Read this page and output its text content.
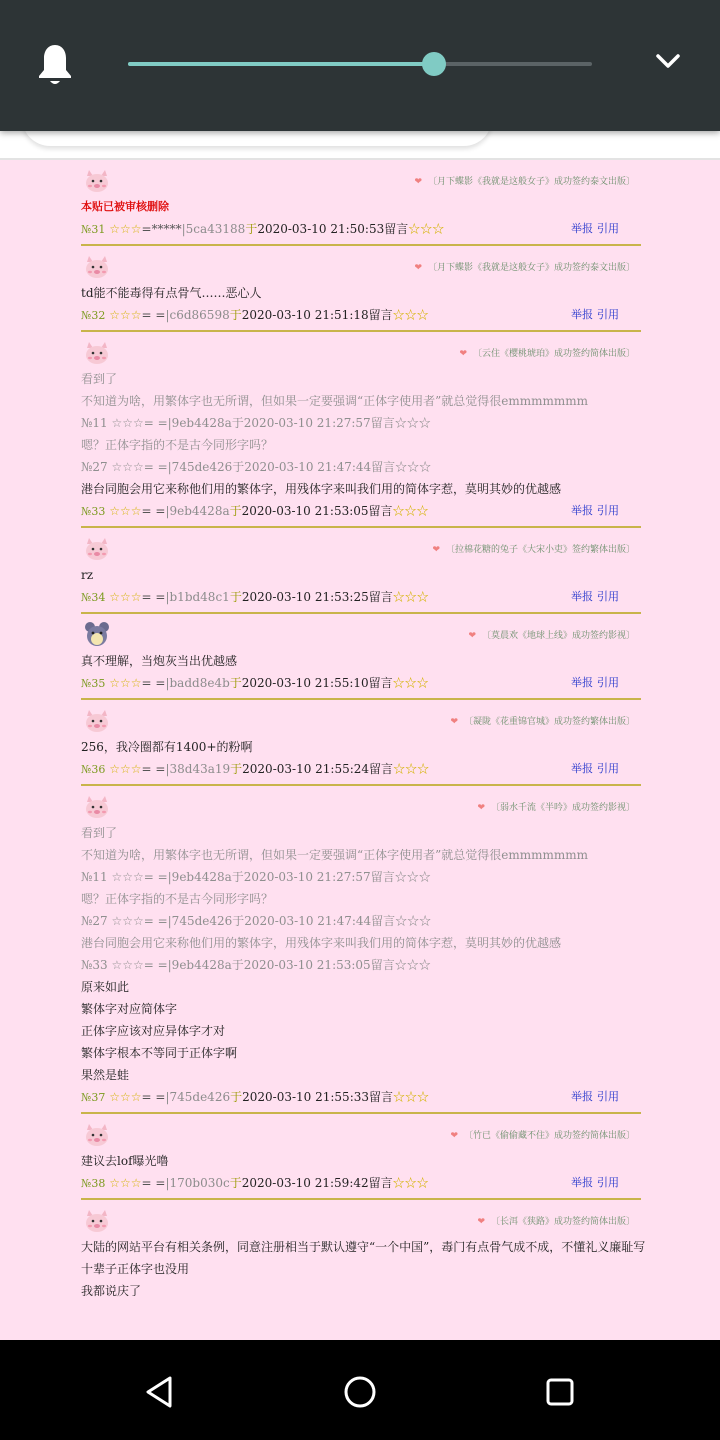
❤ 〔月下蝶影《我就是这般女子》成功签约泰文出版〕
本贴已被审核删除
№31 ☆☆☆=*****|5ca43188于2020-03-10 21:50:53留言☆☆☆	举报 引用
❤ 〔月下蝶影《我就是这般女子》成功签约泰文出版〕
td能不能毒得有点骨气……恶心人
№32 ☆☆☆= =|c6d86598于2020-03-10 21:51:18留言☆☆☆	举报 引用
❤ 〔云住《樱桃琥珀》成功签约简体出版〕
看到了
不知道为啥，用繁体字也无所谓，但如果一定要强调“正体字使用者”就总觉得很emmmmmmm
№11 ☆☆☆= =|9eb4428a于2020-03-10 21:27:57留言☆☆☆
嗯？正体字指的不是古今同形字吗？
№27 ☆☆☆= =|745de426于2020-03-10 21:47:44留言☆☆☆
港台同胞会用它来称他们用的繁体字，用残体字来叫我们用的简体字惹，莫明其妙的优越感
№33 ☆☆☆= =|9eb4428a于2020-03-10 21:53:05留言☆☆☆	举报 引用
❤ 〔拉棉花糖的兔子《大宋小吏》签约繁体出版〕
rz
№34 ☆☆☆= =|b1bd48c1于2020-03-10 21:53:25留言☆☆☆	举报 引用
❤ 〔莫晨欢《地球上线》成功签约影视〕
真不理解，当炮灰当出优越感
№35 ☆☆☆= =|badd8e4b于2020-03-10 21:55:10留言☆☆☆	举报 引用
❤ 〔凝陇《花重锦官城》成功签约繁体出版〕
256，我冷圈都有1400+的粉啊
№36 ☆☆☆= =|38d43a19于2020-03-10 21:55:24留言☆☆☆	举报 引用
❤ 〔弱水千流《半吟》成功签约影视〕
看到了
不知道为啥，用繁体字也无所谓，但如果一定要强调“正体字使用者”就总觉得很emmmmmmm
№11 ☆☆☆= =|9eb4428a于2020-03-10 21:27:57留言☆☆☆
嗯？正体字指的不是古今同形字吗？
№27 ☆☆☆= =|745de426于2020-03-10 21:47:44留言☆☆☆
港台同胞会用它来称他们用的繁体字，用残体字来叫我们用的简体字惹，莫明其妙的优越感
№33 ☆☆☆= =|9eb4428a于2020-03-10 21:53:05留言☆☆☆
原来如此
繁体字对应简体字
正体字应该对应异体字才对
繁体字根本不等同于正体字啊
果然是蛙
№37 ☆☆☆= =|745de426于2020-03-10 21:55:33留言☆☆☆	举报 引用
❤ 〔竹已《偷偷藏不住》成功签约简体出版〕
建议去lof曝光噜
№38 ☆☆☆= =|170b030c于2020-03-10 21:59:42留言☆☆☆	举报 引用
❤ 〔长洱《狭路》成功签约简体出版〕
大陆的网站平台有相关条例，同意注册相当于默认遵守“一个中国”，毒门有点骨气成不成，不懂礼义廉耻写
十辈子正体字也没用
我都说庆了
